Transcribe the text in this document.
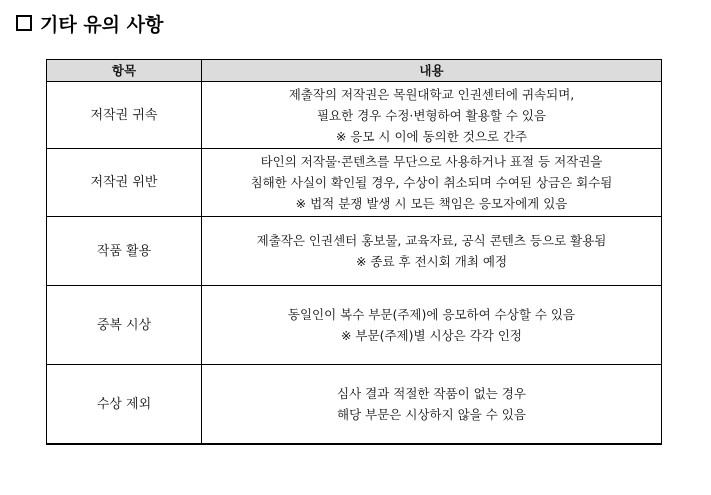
기타 유의 사항
항목	내용
저작권 귀속	제출작의 저작권은 목원대학교 인권센터에 귀속되며,
필요한 경우 수정·변형하여 활용할 수 있음
※ 응모 시 이에 동의한 것으로 간주

저작권 위반	타인의 저작물·콘텐츠를 무단으로 사용하거나 표절 등 저작권을
침해한 사실이 확인될 경우, 수상이 취소되며 수여된 상금은 회수됨
※ 법적 분쟁 발생 시 모든 책임은 응모자에게 있음

작품 활용	제출작은 인권센터 홍보물, 교육자료, 공식 콘텐츠 등으로 활용됨
※ 종료 후 전시회 개최 예정

중복 시상	동일인이 복수 부문(주제)에 응모하여 수상할 수 있음
※ 부문(주제)별 시상은 각각 인정

수상 제외	심사 결과 적절한 작품이 없는 경우
해당 부문은 시상하지 않을 수 있음
